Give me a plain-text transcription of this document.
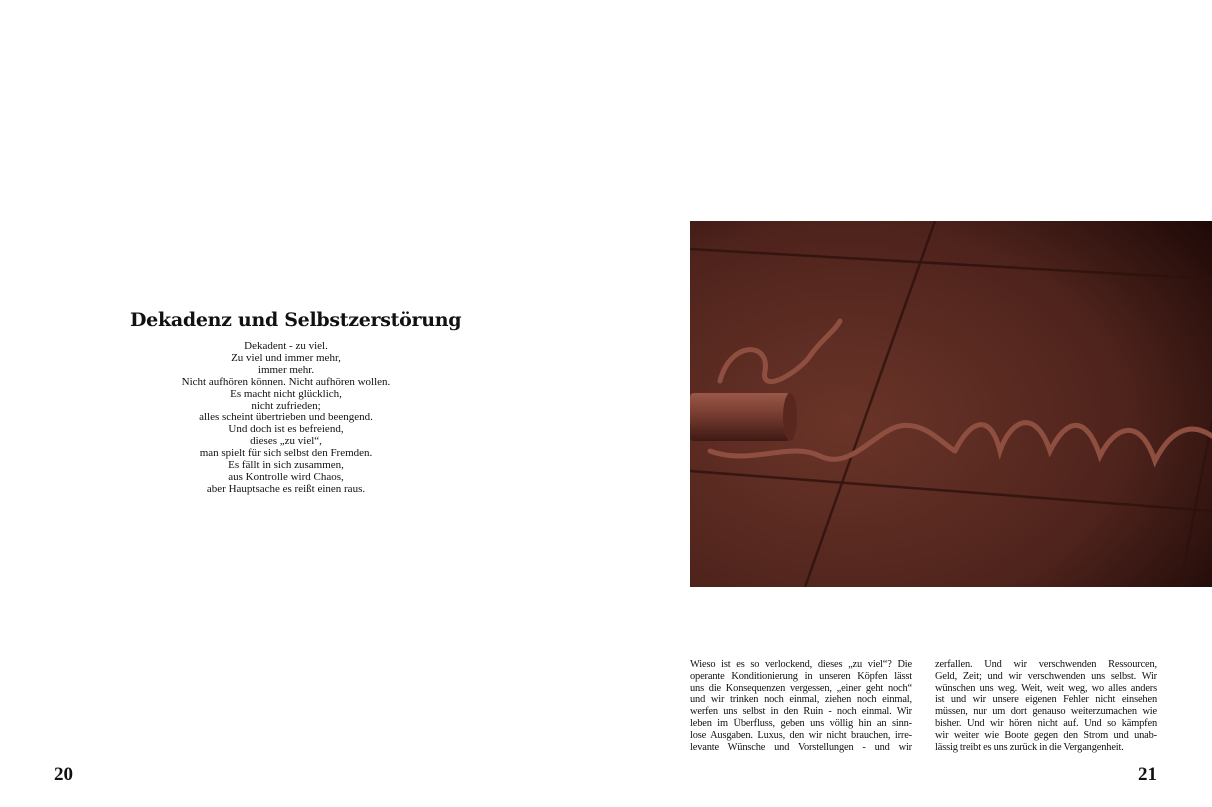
Dekadenz und Selbstzerstörung
Dekadent - zu viel.
Zu viel und immer mehr,
immer mehr.
Nicht aufhören können. Nicht aufhören wollen.
Es macht nicht glücklich,
nicht zufrieden;
alles scheint übertrieben und beengend.
Und doch ist es befreiend,
dieses „zu viel“,
man spielt für sich selbst den Fremden.
Es fällt in sich zusammen,
aus Kontrolle wird Chaos,
aber Hauptsache es reißt einen raus.
20
Wieso ist es so verlockend, dieses „zu viel“? Die
operante Konditionierung in unseren Köpfen lässt
uns die Konsequenzen vergessen, „einer geht noch“
und wir trinken noch einmal, ziehen noch einmal,
werfen uns selbst in den Ruin - noch einmal. Wir
leben im Überfluss, geben uns völlig hin an sinn-
lose Ausgaben. Luxus, den wir nicht brauchen, irre-
levante Wünsche und Vorstellungen - und wir
zerfallen. Und wir verschwenden Ressourcen,
Geld, Zeit; und wir verschwenden uns selbst. Wir
wünschen uns weg. Weit, weit weg, wo alles anders
ist und wir unsere eigenen Fehler nicht einsehen
müssen, nur um dort genauso weiterzumachen wie
bisher. Und wir hören nicht auf. Und so kämpfen
wir weiter wie Boote gegen den Strom und unab-
lässig treibt es uns zurück in die Vergangenheit.
21
